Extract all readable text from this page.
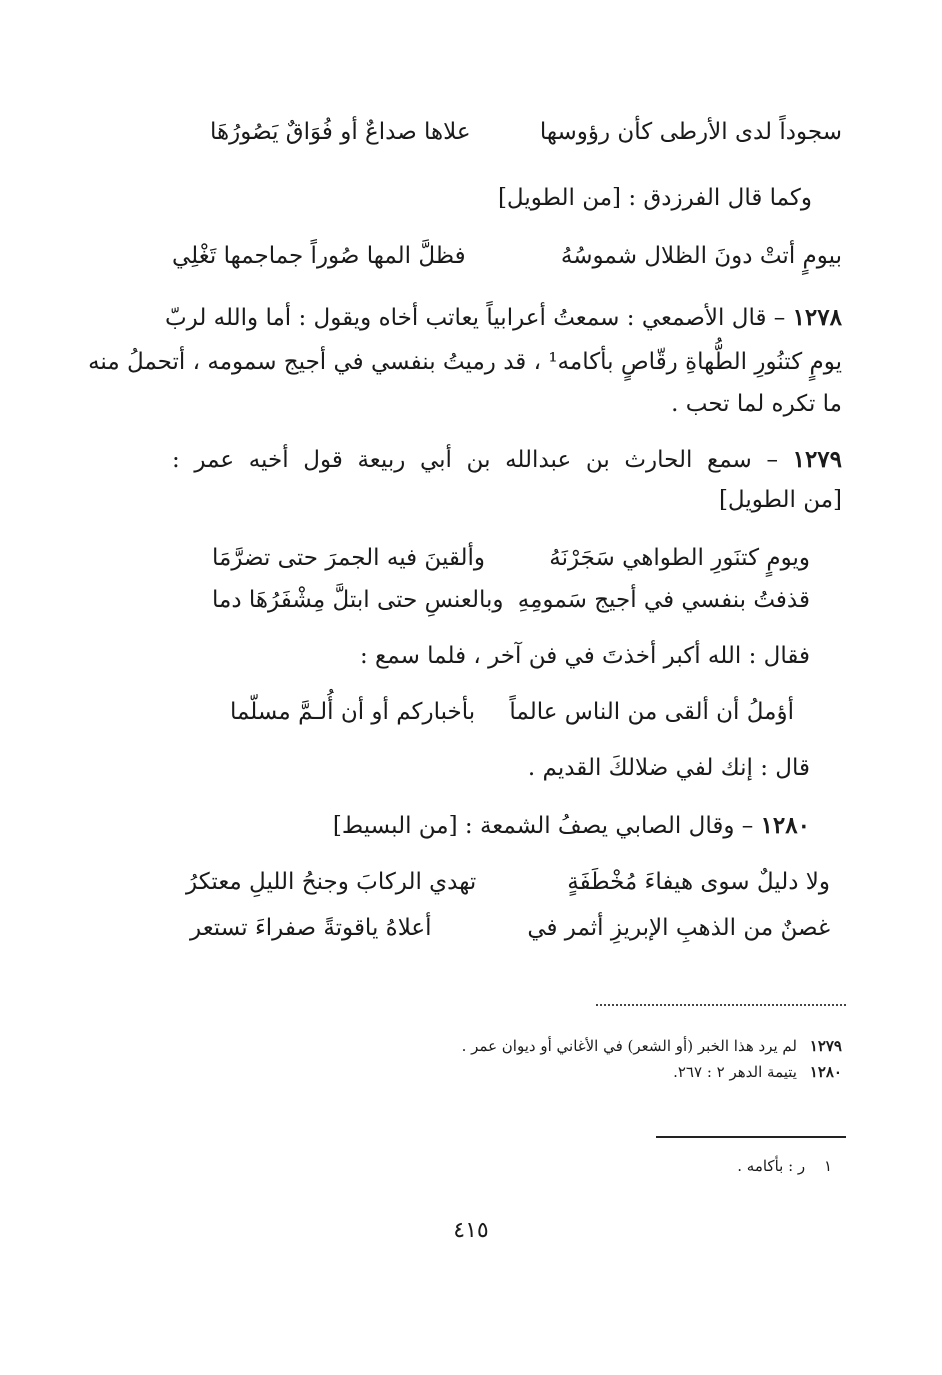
سجوداً لدى الأرطى كأن رؤوسها
علاها صداعٌ أو فُوَاقٌ يَصُورُهَا
وكما قال الفرزدق : [من الطويل]
بيومٍ أتتْ دونَ الظلال شموسُهُ
فظلَّ المها صُوراً جماجمها تَغْلِي
١٢٧٨ – قال الأصمعي : سمعتُ أعرابياً يعاتب أخاه ويقول : أما والله لربّ
يومٍ كتنُورِ الطُّهاةِ رقّاصٍ بأكامه¹ ، قد رميتُ بنفسي في أجيج سمومه ، أتحملُ منه
ما تكره لما تحب .
١٢٧٩ – سمع الحارث بن عبدالله بن أبي ربيعة قول أخيه عمر :
[من الطويل]
ويومٍ كتنَورِ الطواهي سَجَرْنَهُ
وألقينَ فيه الجمرَ حتى تضرَّمَا
قذفتُ بنفسي في أجيج سَمومِهِ
وبالعنسِ حتى ابتلَّ مِشْفَرُهَا دما
فقال : الله أكبر أخذتَ في فن آخر ، فلما سمع :
أؤملُ أن ألقى من الناس عالماً
بأخباركم أو أن أُلـمَّ مسلّما
قال : إنك لفي ضلالكَ القديم .
١٢٨٠ – وقال الصابي يصفُ الشمعة : [من البسيط]
ولا دليلٌ سوى هيفاءَ مُخْطَفَةٍ
تهدي الركابَ وجنحُ الليلِ معتكرُ
غصنٌ من الذهبِ الإبريزِ أثمر في
أعلاهُ ياقوتةً صفراءَ تستعر
١٢٧٩ لم يرد هذا الخبر (أو الشعر) في الأغاني أو ديوان عمر .
١٢٨٠ يتيمة الدهر ٢ : ٢٦٧.
١ ر : بأكامه .
٤١٥
